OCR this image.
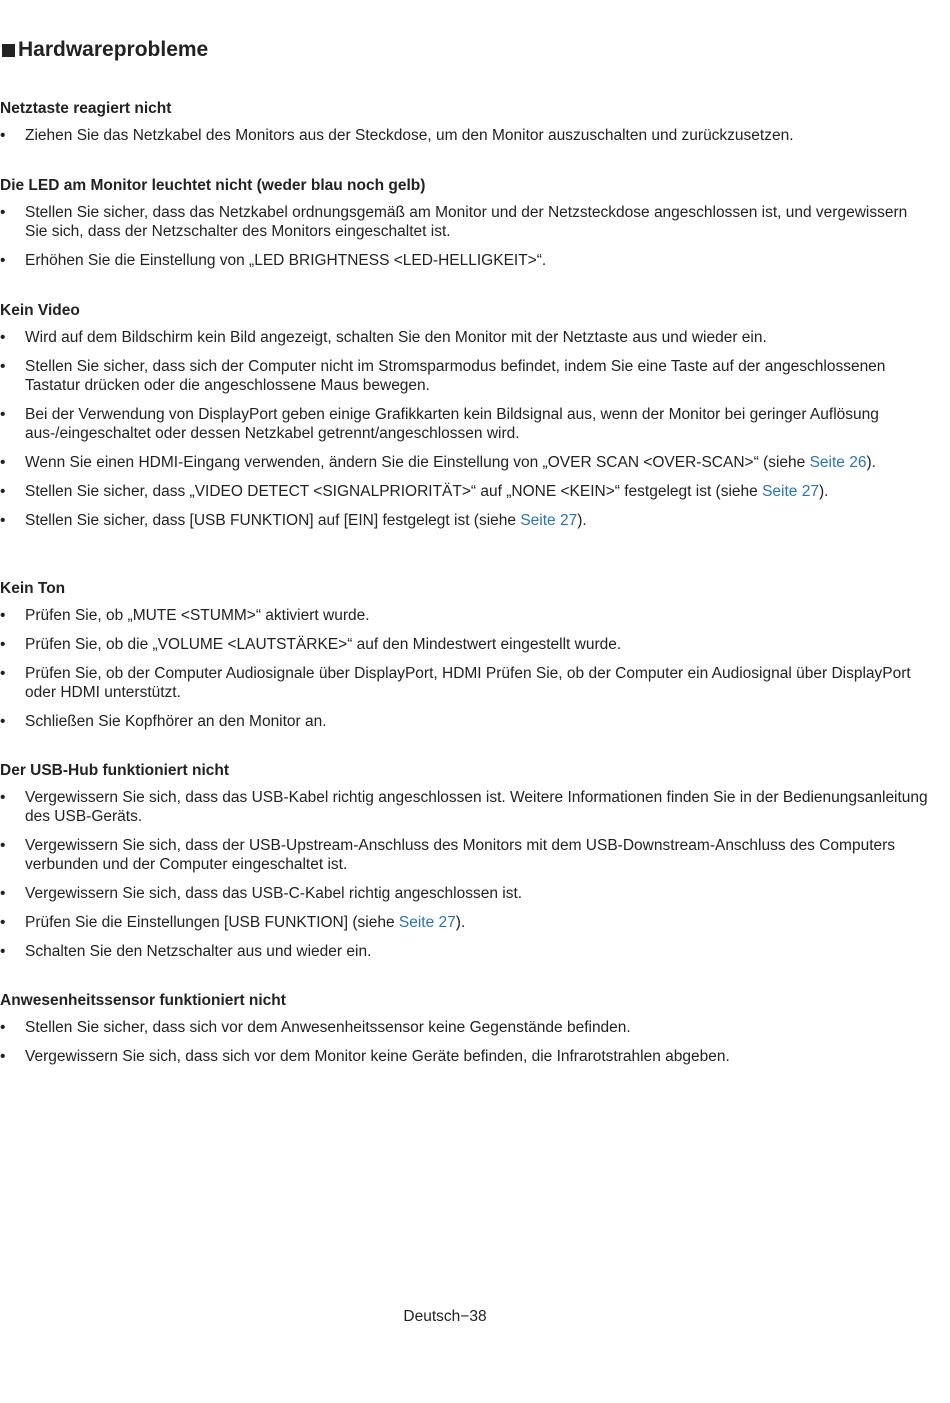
Hardwareprobleme
Netztaste reagiert nicht
• Ziehen Sie das Netzkabel des Monitors aus der Steckdose, um den Monitor auszuschalten und zurückzusetzen.
Die LED am Monitor leuchtet nicht (weder blau noch gelb)
• Stellen Sie sicher, dass das Netzkabel ordnungsgemäß am Monitor und der Netzsteckdose angeschlossen ist, und vergewissern Sie sich, dass der Netzschalter des Monitors eingeschaltet ist.
• Erhöhen Sie die Einstellung von „LED BRIGHTNESS <LED-HELLIGKEIT>“.
Kein Video
• Wird auf dem Bildschirm kein Bild angezeigt, schalten Sie den Monitor mit der Netztaste aus und wieder ein.
• Stellen Sie sicher, dass sich der Computer nicht im Stromsparmodus befindet, indem Sie eine Taste auf der angeschlossenen Tastatur drücken oder die angeschlossene Maus bewegen.
• Bei der Verwendung von DisplayPort geben einige Grafikkarten kein Bildsignal aus, wenn der Monitor bei geringer Auflösung aus-/eingeschaltet oder dessen Netzkabel getrennt/angeschlossen wird.
• Wenn Sie einen HDMI-Eingang verwenden, ändern Sie die Einstellung von „OVER SCAN <OVER-SCAN>“ (siehe Seite 26).
• Stellen Sie sicher, dass „VIDEO DETECT <SIGNALPRIORITÄT>“ auf „NONE <KEIN>“ festgelegt ist (siehe Seite 27).
• Stellen Sie sicher, dass [USB FUNKTION] auf [EIN] festgelegt ist (siehe Seite 27).
Kein Ton
• Prüfen Sie, ob „MUTE <STUMM>“ aktiviert wurde.
• Prüfen Sie, ob die „VOLUME <LAUTSTÄRKE>“ auf den Mindestwert eingestellt wurde.
• Prüfen Sie, ob der Computer Audiosignale über DisplayPort, HDMI Prüfen Sie, ob der Computer ein Audiosignal über DisplayPort oder HDMI unterstützt.
• Schließen Sie Kopfhörer an den Monitor an.
Der USB-Hub funktioniert nicht
• Vergewissern Sie sich, dass das USB-Kabel richtig angeschlossen ist. Weitere Informationen finden Sie in der Bedienungsanleitung des USB-Geräts.
• Vergewissern Sie sich, dass der USB-Upstream-Anschluss des Monitors mit dem USB-Downstream-Anschluss des Computers verbunden und der Computer eingeschaltet ist.
• Vergewissern Sie sich, dass das USB-C-Kabel richtig angeschlossen ist.
• Prüfen Sie die Einstellungen [USB FUNKTION] (siehe Seite 27).
• Schalten Sie den Netzschalter aus und wieder ein.
Anwesenheitssensor funktioniert nicht
• Stellen Sie sicher, dass sich vor dem Anwesenheitssensor keine Gegenstände befinden.
• Vergewissern Sie sich, dass sich vor dem Monitor keine Geräte befinden, die Infrarotstrahlen abgeben.
Deutsch−38
